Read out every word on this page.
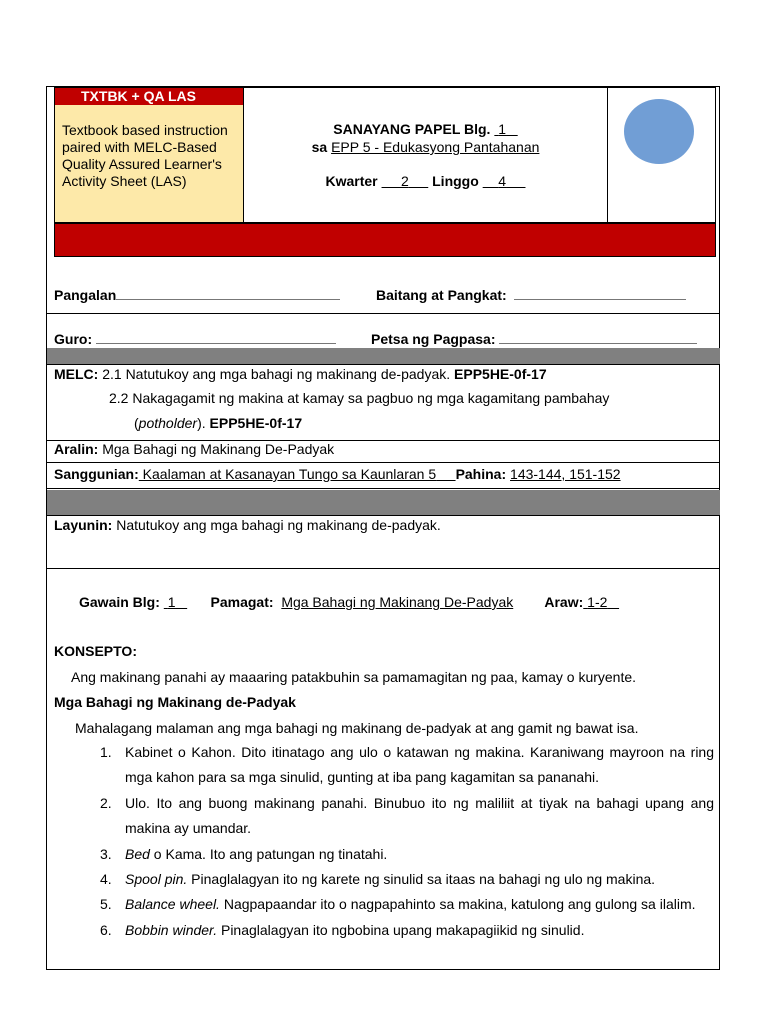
TXTBK + QA LAS
Textbook based instruction paired with MELC-Based Quality Assured Learner's Activity Sheet (LAS)
SANAYANG PAPEL Blg. 1
sa EPP 5 - Edukasyong Pantahanan
Kwarter 2 Linggo 4
Pangalan	Baitang at Pangkat:
Guro:	Petsa ng Pagpasa:
MELC: 2.1 Natutukoy ang mga bahagi ng makinang de-padyak. EPP5HE-0f-17
2.2 Nakagagamit ng makina at kamay sa pagbuo ng mga kagamitang pambahay
(potholder). EPP5HE-0f-17
Aralin: Mga Bahagi ng Makinang De-Padyak
Sanggunian: Kaalaman at Kasanayan Tungo sa Kaunlaran 5 Pahina: 143-144, 151-152
Layunin: Natutukoy ang mga bahagi ng makinang de-padyak.
Gawain Blg: 1	Pamagat: Mga Bahagi ng Makinang De-Padyak Araw: 1-2
KONSEPTO:
Ang makinang panahi ay maaaring patakbuhin sa pamamagitan ng paa, kamay o kuryente.
Mga Bahagi ng Makinang de-Padyak
Mahalagang malaman ang mga bahagi ng makinang de-padyak at ang gamit ng bawat isa.
1. Kabinet o Kahon. Dito itinatago ang ulo o katawan ng makina. Karaniwang mayroon na ring mga kahon para sa mga sinulid, gunting at iba pang kagamitan sa pananahi.
2. Ulo. Ito ang buong makinang panahi. Binubuo ito ng maliliit at tiyak na bahagi upang ang makina ay umandar.
3. Bed o Kama. Ito ang patungan ng tinatahi.
4. Spool pin. Pinaglalagyan ito ng karete ng sinulid sa itaas na bahagi ng ulo ng makina.
5. Balance wheel. Nagpapaandar ito o nagpapahinto sa makina, katulong ang gulong sa ilalim.
6. Bobbin winder. Pinaglalagyan ito ngbobina upang makapagiikid ng sinulid.
